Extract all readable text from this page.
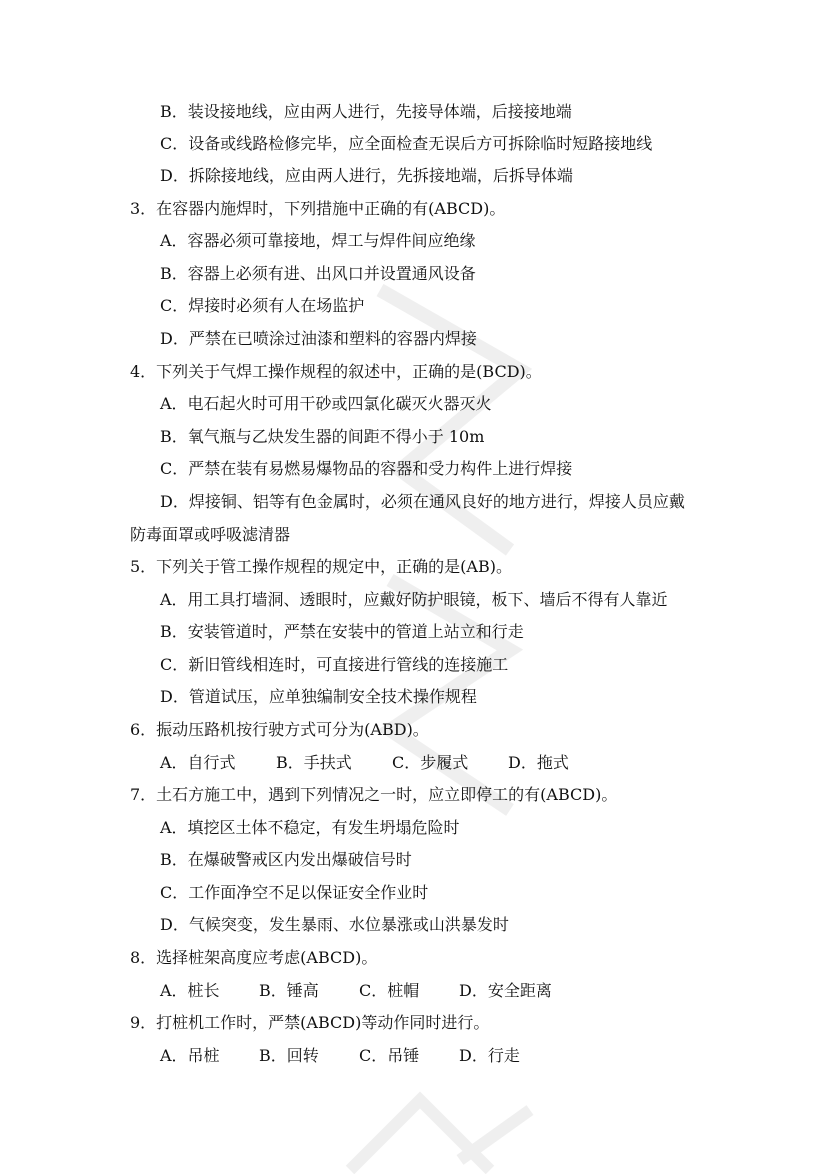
B．装设接地线，应由两人进行，先接导体端，后接接地端
C．设备或线路检修完毕，应全面检查无误后方可拆除临时短路接地线
D．拆除接地线，应由两人进行，先拆接地端，后拆导体端
3．在容器内施焊时，下列措施中正确的有(ABCD)。
A．容器必须可靠接地，焊工与焊件间应绝缘
B．容器上必须有进、出风口并设置通风设备
C．焊接时必须有人在场监护
D．严禁在已喷涂过油漆和塑料的容器内焊接
4．下列关于气焊工操作规程的叙述中，正确的是(BCD)。
A．电石起火时可用干砂或四氯化碳灭火器灭火
B．氧气瓶与乙炔发生器的间距不得小于 10m
C．严禁在装有易燃易爆物品的容器和受力构件上进行焊接
D．焊接铜、铝等有色金属时，必须在通风良好的地方进行，焊接人员应戴
防毒面罩或呼吸滤清器
5．下列关于管工操作规程的规定中，正确的是(AB)。
A．用工具打墙洞、透眼时，应戴好防护眼镜，板下、墙后不得有人靠近
B．安装管道时，严禁在安装中的管道上站立和行走
C．新旧管线相连时，可直接进行管线的连接施工
D．管道试压，应单独编制安全技术操作规程
6．振动压路机按行驶方式可分为(ABD)。
A．自行式	B．手扶式	C．步履式 D．拖式
7．土石方施工中，遇到下列情况之一时，应立即停工的有(ABCD)。
A．填挖区土体不稳定，有发生坍塌危险时
B．在爆破警戒区内发出爆破信号时
C．工作面净空不足以保证安全作业时
D．气候突变，发生暴雨、水位暴涨或山洪暴发时
8．选择桩架高度应考虑(ABCD)。
A．桩长 B．锤高	C．桩帽 D．安全距离
9．打桩机工作时，严禁(ABCD)等动作同时进行。
A．吊桩 B．回转	C．吊锤 D．行走
